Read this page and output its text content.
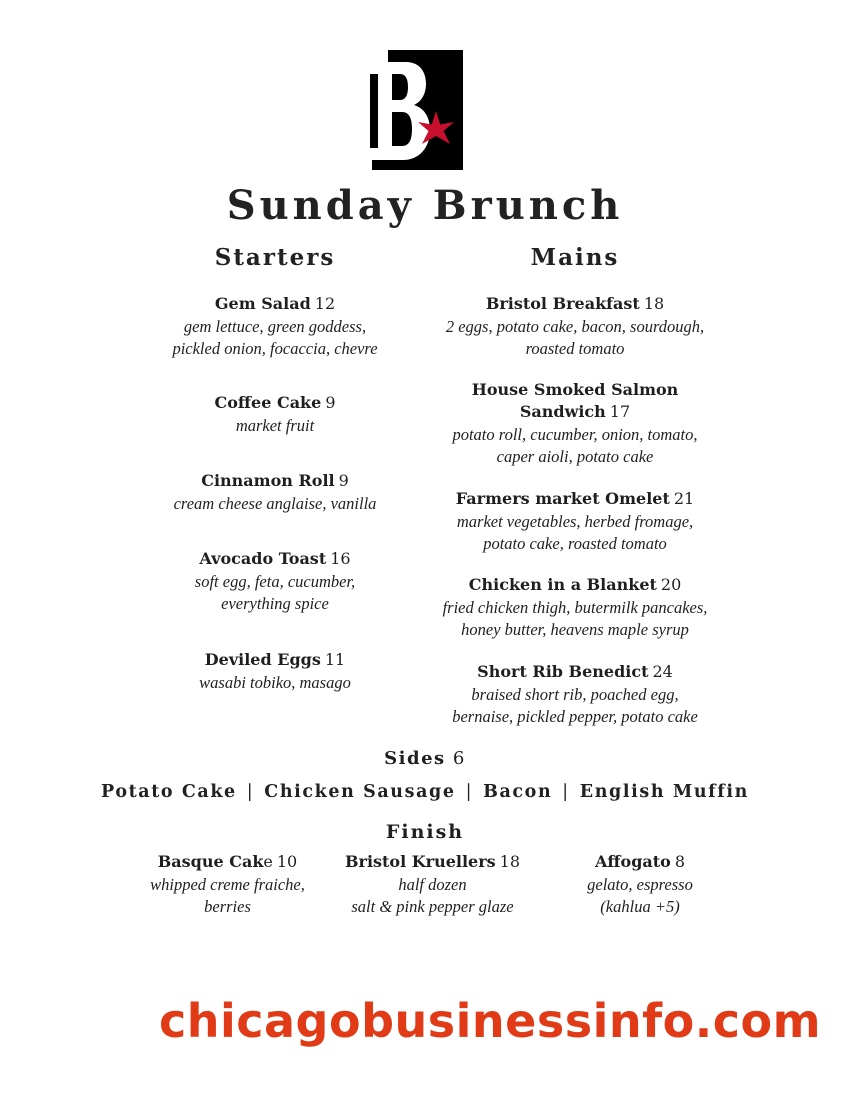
Sunday Brunch
Starters	Mains
Gem Salad 12
gem lettuce, green goddess,
pickled onion, focaccia, chevre
Coffee Cake 9
market fruit
Cinnamon Roll 9
cream cheese anglaise, vanilla
Avocado Toast 16
soft egg, feta, cucumber,
everything spice
Deviled Eggs 11
wasabi tobiko, masago
Bristol Breakfast 18
2 eggs, potato cake, bacon, sourdough,
roasted tomato
House Smoked Salmon
Sandwich 17
potato roll, cucumber, onion, tomato,
caper aioli, potato cake
Farmers market Omelet 21
market vegetables, herbed fromage,
potato cake, roasted tomato
Chicken in a Blanket 20
fried chicken thigh, butermilk pancakes,
honey butter, heavens maple syrup
Short Rib Benedict 24
braised short rib, poached egg,
bernaise, pickled pepper, potato cake
Sides 6
Potato Cake | Chicken Sausage | Bacon | English Muffin
Finish
Basque Cake 10
whipped creme fraiche,
berries
Bristol Kruellers 18
half dozen
salt & pink pepper glaze
Affogato 8
gelato, espresso
(kahlua +5)
chicagobusinessinfo.com
